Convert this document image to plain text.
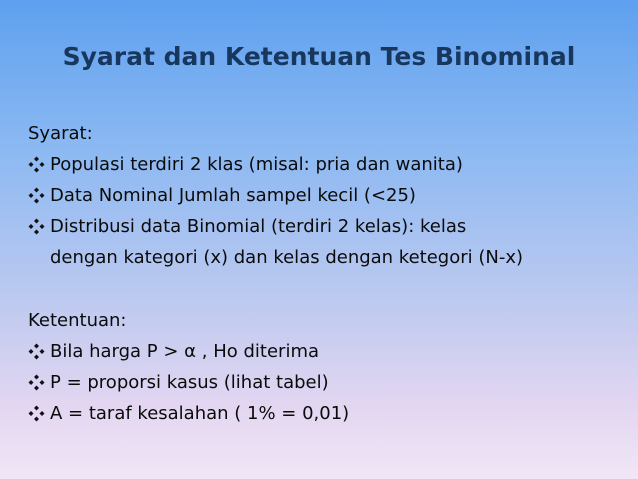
Syarat dan Ketentuan Tes Binominal
Syarat:
Populasi terdiri 2 klas (misal: pria dan wanita)
Data Nominal Jumlah sampel kecil (<25)
Distribusi data Binomial (terdiri 2 kelas): kelas
dengan kategori (x) dan kelas dengan ketegori (N-x)
Ketentuan:
Bila harga P > α , Ho diterima
P = proporsi kasus (lihat tabel)
A = taraf kesalahan ( 1% = 0,01)
